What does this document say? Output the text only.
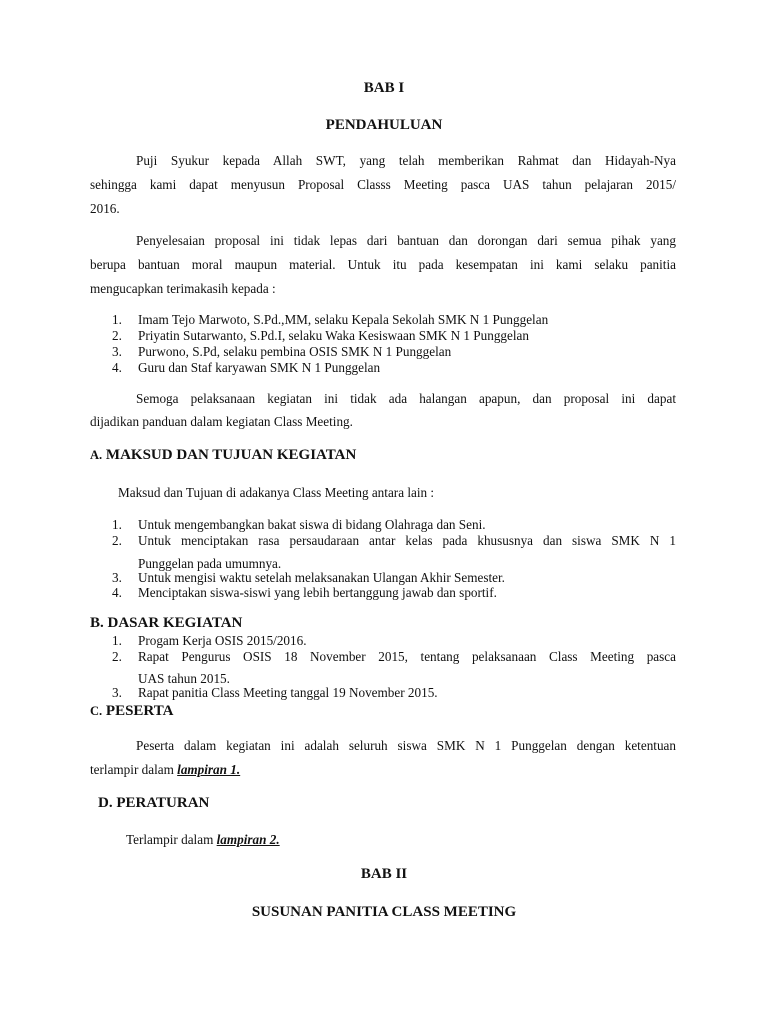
BAB I
PENDAHULUAN
Puji Syukur kepada Allah SWT, yang telah memberikan Rahmat dan Hidayah-Nya
sehingga kami dapat menyusun Proposal Classs Meeting pasca UAS tahun pelajaran 2015/
2016.
Penyelesaian proposal ini tidak lepas dari bantuan dan dorongan dari semua pihak yang
berupa bantuan moral maupun material. Untuk itu pada kesempatan ini kami selaku panitia
mengucapkan terimakasih kepada :
1. Imam Tejo Marwoto, S.Pd.,MM, selaku Kepala Sekolah SMK N 1 Punggelan
2. Priyatin Sutarwanto, S.Pd.I, selaku Waka Kesiswaan SMK N 1 Punggelan
3. Purwono, S.Pd, selaku pembina OSIS SMK N 1 Punggelan
4. Guru dan Staf karyawan SMK N 1 Punggelan
Semoga pelaksanaan kegiatan ini tidak ada halangan apapun, dan proposal ini dapat
dijadikan panduan dalam kegiatan Class Meeting.
A. MAKSUD DAN TUJUAN KEGIATAN
Maksud dan Tujuan di adakanya Class Meeting antara lain :
1. Untuk mengembangkan bakat siswa di bidang Olahraga dan Seni.
2.	Untuk menciptakan rasa persaudaraan antar kelas pada khususnya dan siswa SMK N 1
Punggelan pada umumnya.
3. Untuk mengisi waktu setelah melaksanakan Ulangan Akhir Semester.
4. Menciptakan siswa-siswi yang lebih bertanggung jawab dan sportif.
B. DASAR KEGIATAN
1. Progam Kerja OSIS 2015/2016.
2.	Rapat Pengurus OSIS 18 November 2015, tentang pelaksanaan Class Meeting pasca
UAS tahun 2015.
3. Rapat panitia Class Meeting tanggal 19 November 2015.
C. PESERTA
Peserta dalam kegiatan ini adalah seluruh siswa SMK N 1 Punggelan dengan ketentuan
terlampir dalam lampiran 1.
D. PERATURAN
Terlampir dalam lampiran 2.
BAB II
SUSUNAN PANITIA CLASS MEETING
